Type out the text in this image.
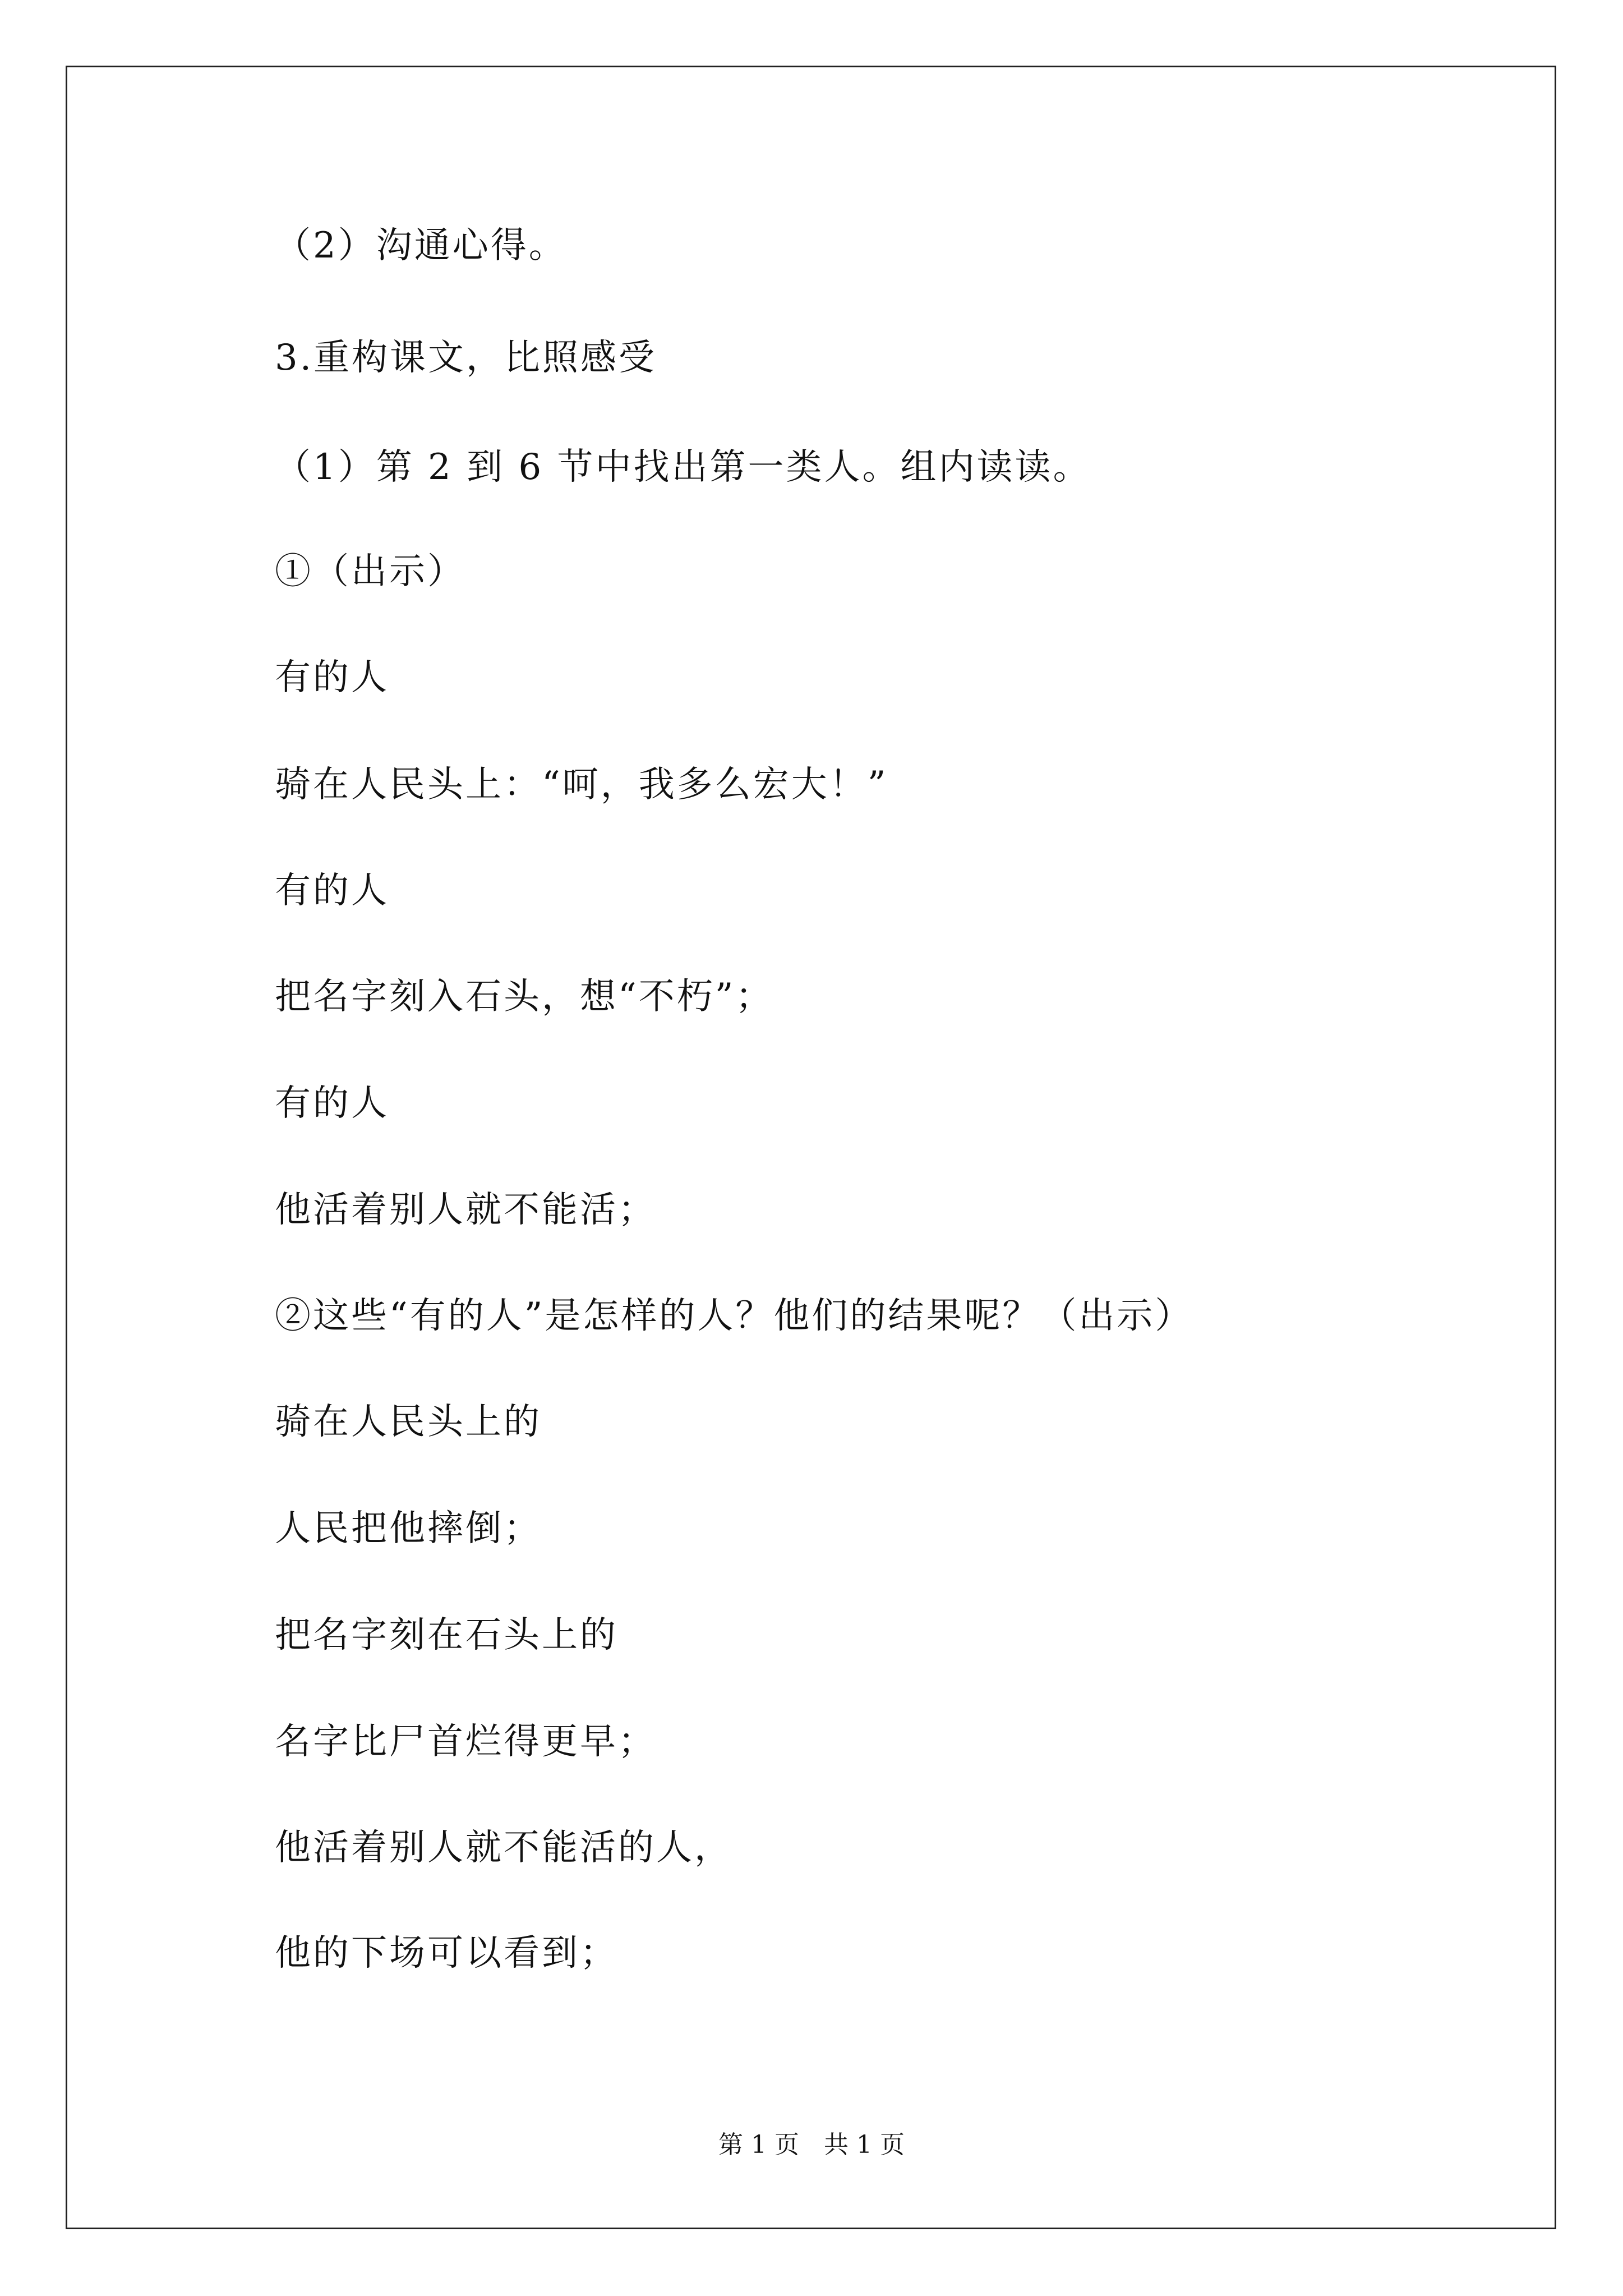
（2）沟通心得。
3.重构课文，比照感受
（1）第 2 到 6 节中找出第一类人。组内读读。
①（出示）
有的人
骑在人民头上：“呵，我多么宏大！”
有的人
把名字刻入石头，想“不朽”；
有的人
他活着别人就不能活；
②这些“有的人”是怎样的人？他们的结果呢？（出示）
骑在人民头上的
人民把他摔倒；
把名字刻在石头上的
名字比尸首烂得更早；
他活着别人就不能活的人，
他的下场可以看到；
第 1 页　共 1 页
